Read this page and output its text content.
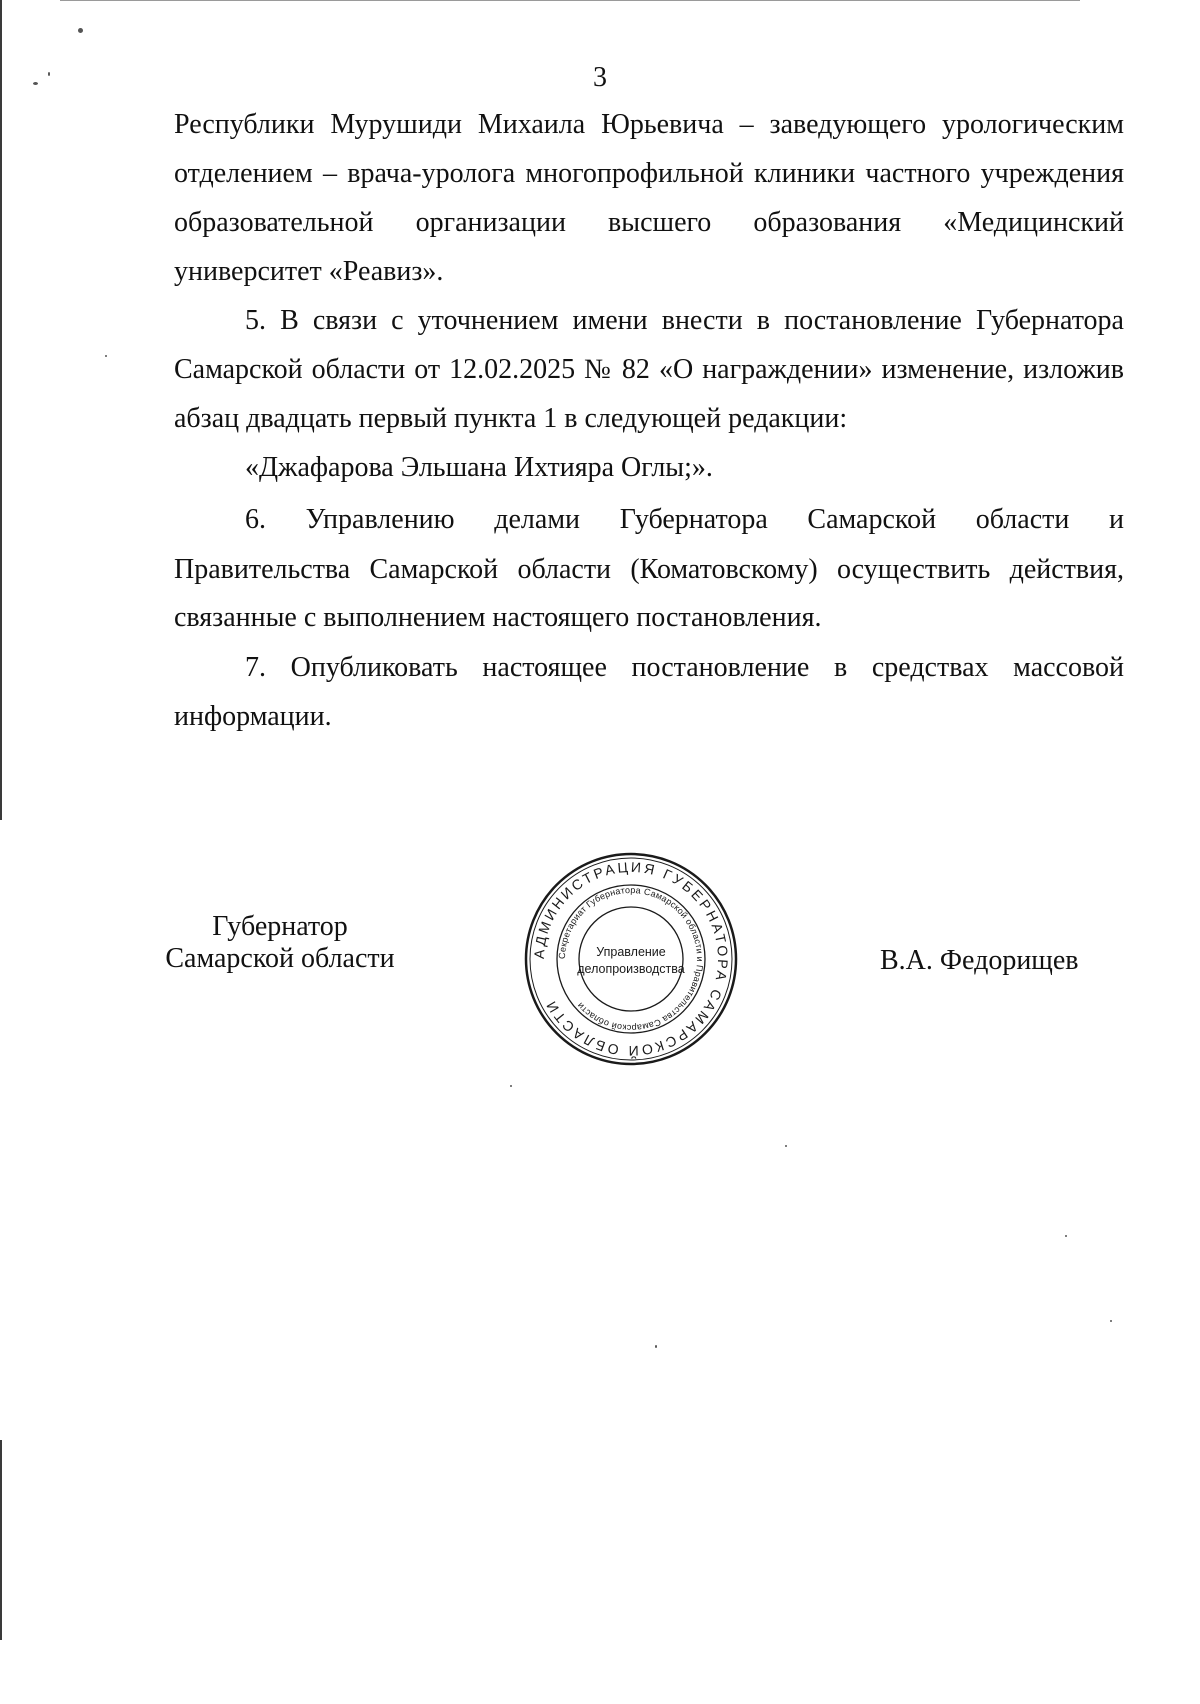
3
Республики Мурушиди Михаила Юрьевича – заведующего урологическим
отделением – врача-уролога многопрофильной клиники частного учреждения
образовательной организации высшего образования «Медицинский
университет «Реавиз».
5. В связи с уточнением имени внести в постановление Губернатора
Самарской области от 12.02.2025 № 82 «О награждении» изменение, изложив
абзац двадцать первый пункта 1 в следующей редакции:
«Джафарова Эльшана Ихтияра Оглы;».
6. Управлению делами Губернатора Самарской области и
Правительства Самарской области (Коматовскому) осуществить действия,
связанные с выполнением настоящего постановления.
7. Опубликовать настоящее постановление в средствах массовой
информации.
Губернатор
Самарской области	АДМИНИСТРАЦИЯ ГУБЕРНАТОРА САМАРСКОЙ ОБЛАСТИ
Секретариат Губернатора Самарской области и Правительства Самарской области
Управление
делопроизводства	В.А. Федорищев
